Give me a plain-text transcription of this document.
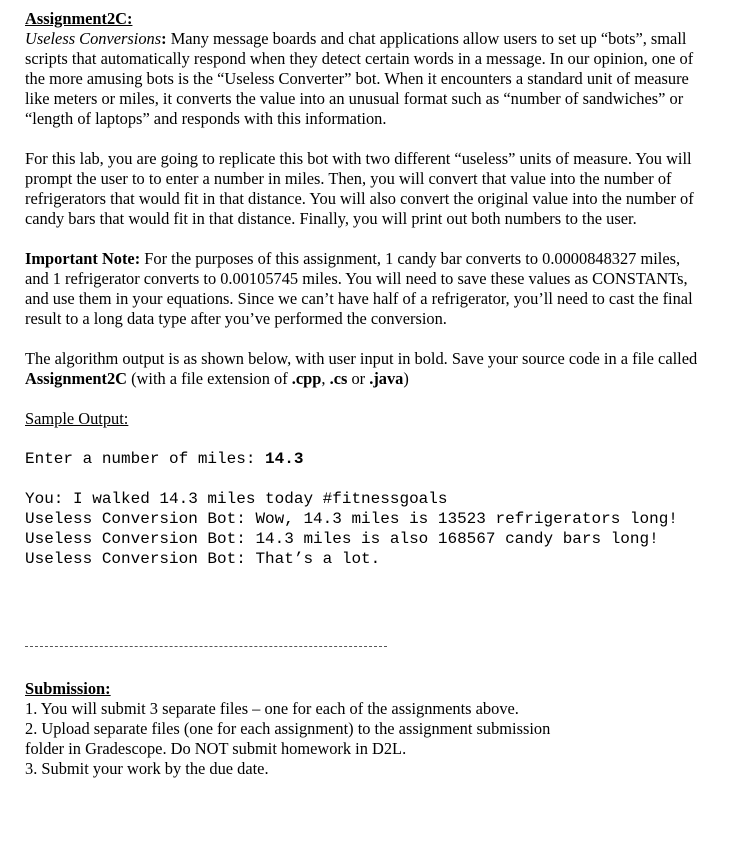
Assignment2C:

Useless Conversions: Many message boards and chat applications allow users to set up “bots”, small scripts that automatically respond when they detect certain words in a message. In our opinion, one of the more amusing bots is the “Useless Converter” bot. When it encounters a standard unit of measure like meters or miles, it converts the value into an unusual format such as “number of sandwiches” or “length of laptops” and responds with this information.

For this lab, you are going to replicate this bot with two different “useless” units of measure. You will prompt the user to to enter a number in miles. Then, you will convert that value into the number of refrigerators that would fit in that distance. You will also convert the original value into the number of candy bars that would fit in that distance. Finally, you will print out both numbers to the user.

Important Note: For the purposes of this assignment, 1 candy bar converts to 0.0000848327 miles, and 1 refrigerator converts to 0.00105745 miles. You will need to save these values as CONSTANTs, and use them in your equations. Since we can’t have half of a refrigerator, you’ll need to cast the final result to a long data type after you’ve performed the conversion.

The algorithm output is as shown below, with user input in bold. Save your source code in a file called Assignment2C (with a file extension of .cpp, .cs or .java)

Sample Output:

Enter a number of miles: 14.3

You: I walked 14.3 miles today #fitnessgoals

Useless Conversion Bot: Wow, 14.3 miles is 13523 refrigerators long!

Useless Conversion Bot: 14.3 miles is also 168567 candy bars long!

Useless Conversion Bot: That’s a lot.

Submission:

1. You will submit 3 separate files – one for each of the assignments above.

2. Upload separate files (one for each assignment) to the assignment submission folder in Gradescope. Do NOT submit homework in D2L.

3. Submit your work by the due date.
